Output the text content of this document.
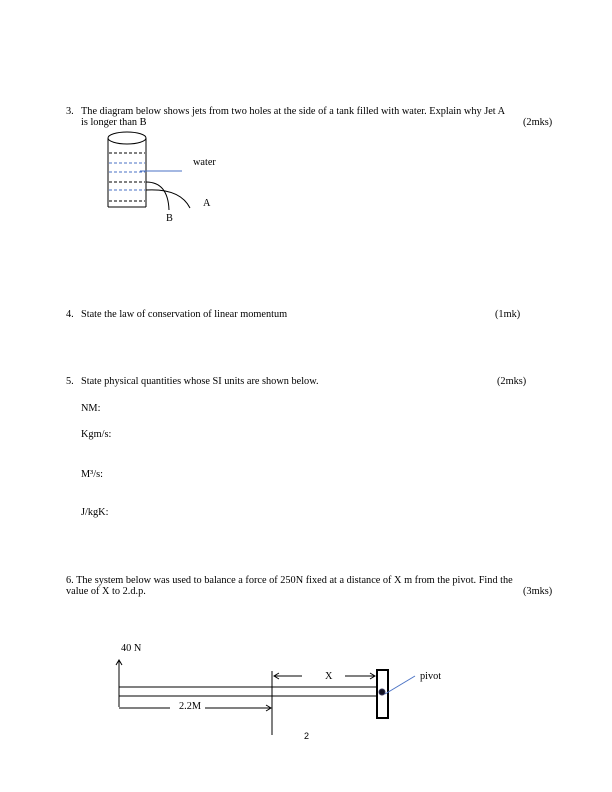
3. The diagram below shows jets from two holes at the side of a tank filled with water. Explain why Jet A
is longer than B	(2mks)
water
A
B
4. State the law of conservation of linear momentum	(1mk)
5. State physical quantities whose SI units are shown below.	(2mks)
NM:
Kgm/s:
M³/s:
J/kgK:
6. The system below was used to balance a force of 250N fixed at a distance of X m from the pivot. Find the
value of X to 2.d.p.	(3mks)
40 N
X	pivot
2.2M
2
